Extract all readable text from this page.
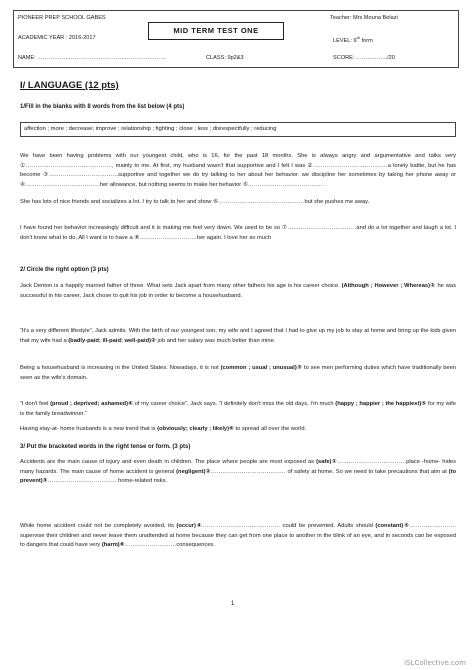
PIONEER PREP SCHOOL GABES	Teacher: Mrs Mouna Belazi
ACADEMIC YEAR : 2016-2017	LEVEL: 9th form
NAME: ……………………………………………………………	CLASS: 9p2&3	SCORE: ……………../20
MID TERM TEST ONE
I/ LANGUAGE (12 pts)
1/Fill in the blanks with 8 words from the list below (4 pts)
affection ; more ; decrease; improve ; relationship ; fighting ; close ; less ; disrespectfully ; reducing

We have been having problems with our youngest child, who is 16, for the past 18 months. She is always angry and argumentative and talks very ①………………………………………, mainly to me. At first, my husband wasn't that supportive and I felt I was ②…………………………………a lonely battle, but he has become ③………………………………supportive and together we do try talking to her about her behavior. we discipline her sometimes by taking her phone away or ④…………………………………her allowance, but nothing seems to make her behavior ⑤………………………………… .

She has lots of nice friends and socializes a lot. I try to talk to her and show ⑥………………………………………but she pushes me away.

I have found her behavior increasingly difficult and it is making me feel very down. We used to be so ⑦………………………………and do a lot together and laugh a lot. I don't know what to do. All I want is to have a ⑧…………………………her again. I love her so much

2/ Circle the right option (3 pts)

Jack Denton is a happily married father of three. What sets Jack apart from many other fathers his age is his career choice. (Although ; However ; Whereas)① he was successful in his career, Jack chose to quit his job in order to become a househusband.

“It's a very different lifestyle”, Jack admits. With the birth of our youngest son, my wife and I agreed that I had to give up my job to stay at home and bring up the kids given that my wife had a (badly-paid; ill-paid; well-paid)② job and her salary was much better than mine.

Being a househusband is increasing in the United States. Nowadays, it is not (common ; usual ; unusual)③ to see men performing duties which have traditionally been seen as the wife's domain.

“I don't feel (proud ; deprived; ashamed)④ of my career choice”, Jack says. “I definitely don't miss the old days, I'm much (happy ; happier ; the happiest)⑤ for my wife is the family breadwinner.”

Having stay-at- home husbands is a new trend that is (obviously; clearly ; likely)⑥ to spread all over the world.

3/ Put the bracketed words in the right tense or form. (3 pts)

Accidents are the main cause of injury and even death in children. The place where people are most exposed as (safe)①………………………………place -home- hides many hazards. The main cause of home accident is general (negligent)②………………………………… of safety at home. So we need to take precautions that aim at (to prevent)③……………………………… home-related risks.

While home accident could not be completely avoided, its (occur)④…… …………………………… could be prevented. Adults should (constant)⑤……………………supervise their children and never leave them unattended at home because they can get from one place to another in the blink of an eye, and in seconds can be exposed to dangers that could have very (harm)⑥………………………consequences.

1
iSLCollective.com
